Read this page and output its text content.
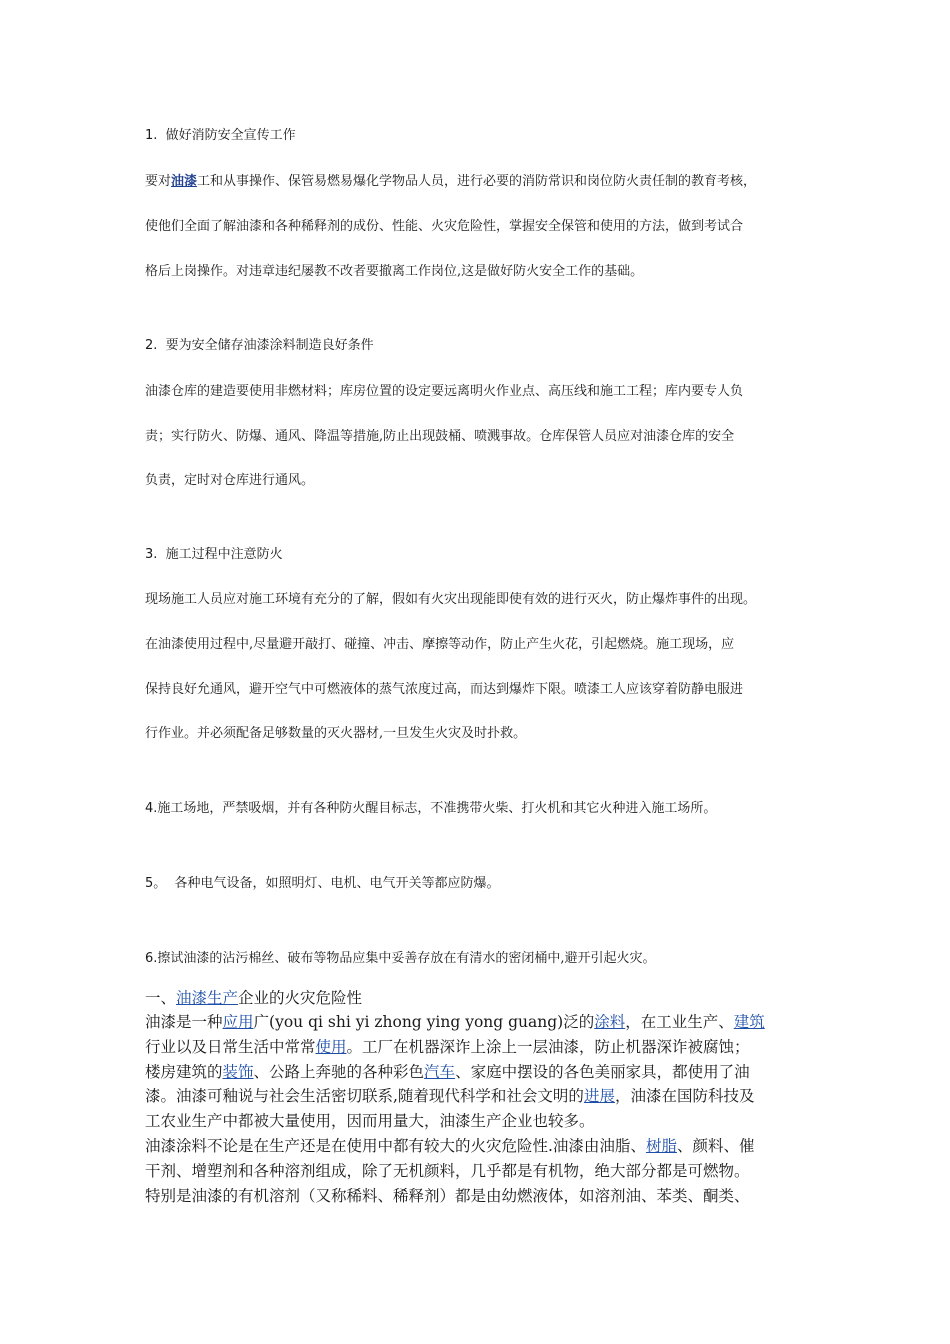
1. 做好消防安全宣传工作
要对油漆工和从事操作、保管易燃易爆化学物品人员，进行必要的消防常识和岗位防火责任制的教育考核，
使他们全面了解油漆和各种稀释剂的成份、性能、火灾危险性，掌握安全保管和使用的方法，做到考试合
格后上岗操作。对违章违纪屡教不改者要撤离工作岗位,这是做好防火安全工作的基础。
2. 要为安全储存油漆涂料制造良好条件
油漆仓库的建造要使用非燃材料；库房位置的设定要远离明火作业点、高压线和施工工程；库内要专人负
责；实行防火、防爆、通风、降温等措施,防止出现鼓桶、喷溅事故。仓库保管人员应对油漆仓库的安全
负责，定时对仓库进行通风。
3. 施工过程中注意防火
现场施工人员应对施工环境有充分的了解，假如有火灾出现能即使有效的进行灭火，防止爆炸事件的出现。
在油漆使用过程中,尽量避开敲打、碰撞、冲击、摩擦等动作，防止产生火花，引起燃烧。施工现场，应
保持良好允通风，避开空气中可燃液体的蒸气浓度过高，而达到爆炸下限。喷漆工人应该穿着防静电服进
行作业。并必须配备足够数量的灭火器材,一旦发生火灾及时扑救。
4.施工场地，严禁吸烟，并有各种防火醒目标志，不准携带火柴、打火机和其它火种进入施工场所。
5。 各种电气设备，如照明灯、电机、电气开关等都应防爆。
6.擦试油漆的沾污棉丝、破布等物品应集中妥善存放在有清水的密闭桶中,避开引起火灾。
一、油漆生产企业的火灾危险性
油漆是一种应用广(you qi shi yi zhong ying yong guang)泛的涂料，在工业生产、建筑
行业以及日常生活中常常使用。工厂在机器深诈上涂上一层油漆，防止机器深诈被腐蚀；
楼房建筑的装饰、公路上奔驰的各种彩色汽车、家庭中摆设的各色美丽家具，都使用了油
漆。油漆可釉说与社会生活密切联系,随着现代科学和社会文明的进展，油漆在国防科技及
工农业生产中都被大量使用，因而用量大，油漆生产企业也较多。
油漆涂料不论是在生产还是在使用中都有较大的火灾危险性.油漆由油脂、树脂、颜料、催
干剂、增塑剂和各种溶剂组成，除了无机颜料，几乎都是有机物，绝大部分都是可燃物。
特别是油漆的有机溶剂（又称稀料、稀释剂）都是由幼燃液体，如溶剂油、苯类、酮类、
